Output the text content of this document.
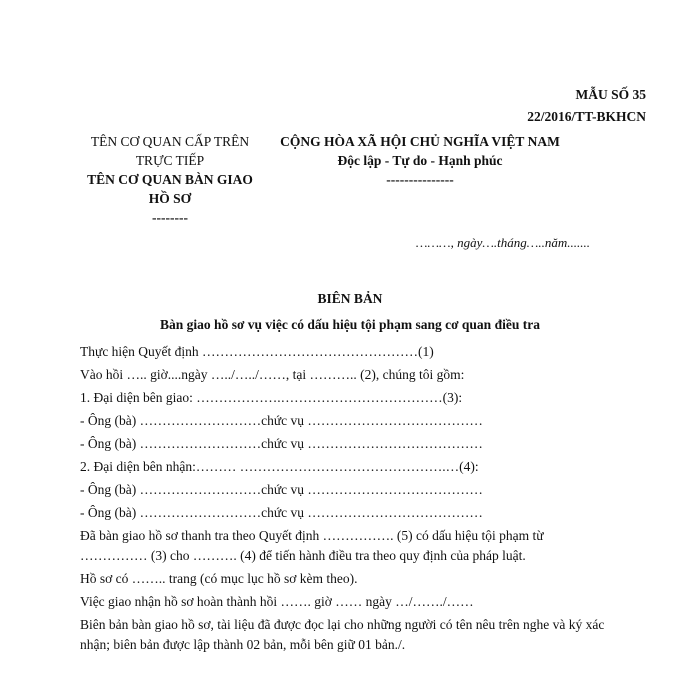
MẪU SỐ 35
22/2016/TT-BKHCN
TÊN CƠ QUAN CẤP TRÊN
TRỰC TIẾP
TÊN CƠ QUAN BÀN GIAO
HỒ SƠ
--------
CỘNG HÒA XÃ HỘI CHỦ NGHĨA VIỆT NAM
Độc lập - Tự do - Hạnh phúc
---------------
………, ngày….tháng…..năm.......
BIÊN BẢN
Bàn giao hồ sơ vụ việc có dấu hiệu tội phạm sang cơ quan điều tra

Thực hiện Quyết định …………………………………………(1)

Vào hồi ….. giờ....ngày …../…../……, tại ……….. (2), chúng tôi gồm:

1. Đại diện bên giao: ……………….………………………………(3):

- Ông (bà) ………………………chức vụ …………………………………

- Ông (bà) ………………………chức vụ …………………………………

2. Đại diện bên nhận:……… ……………………………………….…(4):

- Ông (bà) ………………………chức vụ …………………………………

- Ông (bà) ………………………chức vụ …………………………………

Đã bàn giao hồ sơ thanh tra theo Quyết định ……………. (5) có dấu hiệu tội phạm từ

…………… (3) cho ………. (4) để tiến hành điều tra theo quy định của pháp luật.

Hồ sơ có …….. trang (có mục lục hồ sơ kèm theo).

Việc giao nhận hồ sơ hoàn thành hồi ……. giờ …… ngày …/……./……

Biên bản bàn giao hồ sơ, tài liệu đã được đọc lại cho những người có tên nêu trên nghe và ký xác

nhận; biên bản được lập thành 02 bản, mỗi bên giữ 01 bản./.
